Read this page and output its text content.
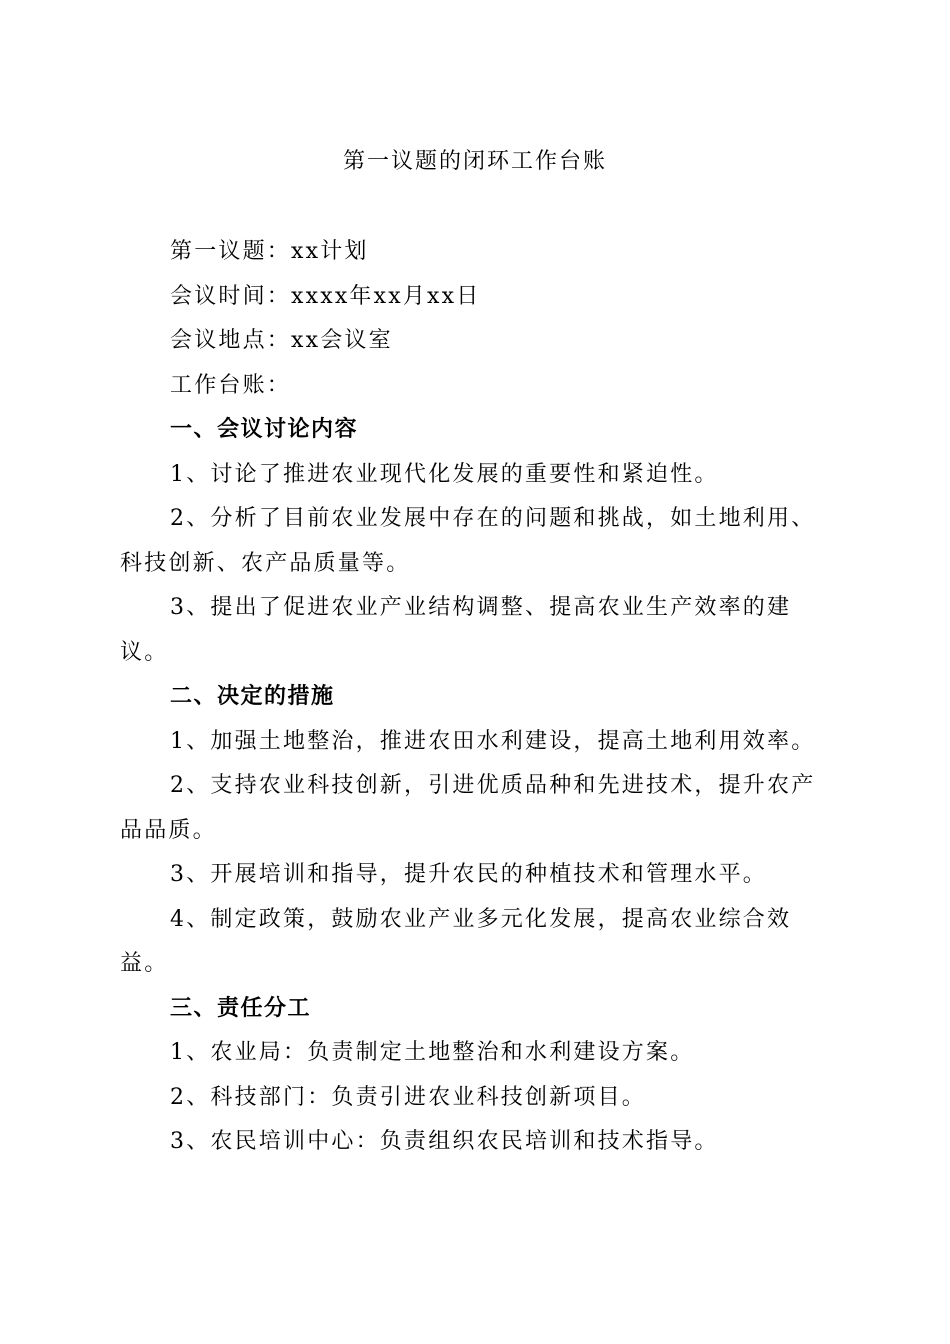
第一议题的闭环工作台账

第一议题：xx计划

会议时间：xxxx年xx月xx日

会议地点：xx会议室

工作台账：

一、会议讨论内容

1、讨论了推进农业现代化发展的重要性和紧迫性。

2、分析了目前农业发展中存在的问题和挑战，如土地利用、科技创新、农产品质量等。

3、提出了促进农业产业结构调整、提高农业生产效率的建议。

二、决定的措施

1、加强土地整治，推进农田水利建设，提高土地利用效率。

2、支持农业科技创新，引进优质品种和先进技术，提升农产品品质。

3、开展培训和指导，提升农民的种植技术和管理水平。

4、制定政策，鼓励农业产业多元化发展，提高农业综合效益。

三、责任分工

1、农业局：负责制定土地整治和水利建设方案。

2、科技部门：负责引进农业科技创新项目。

3、农民培训中心：负责组织农民培训和技术指导。
